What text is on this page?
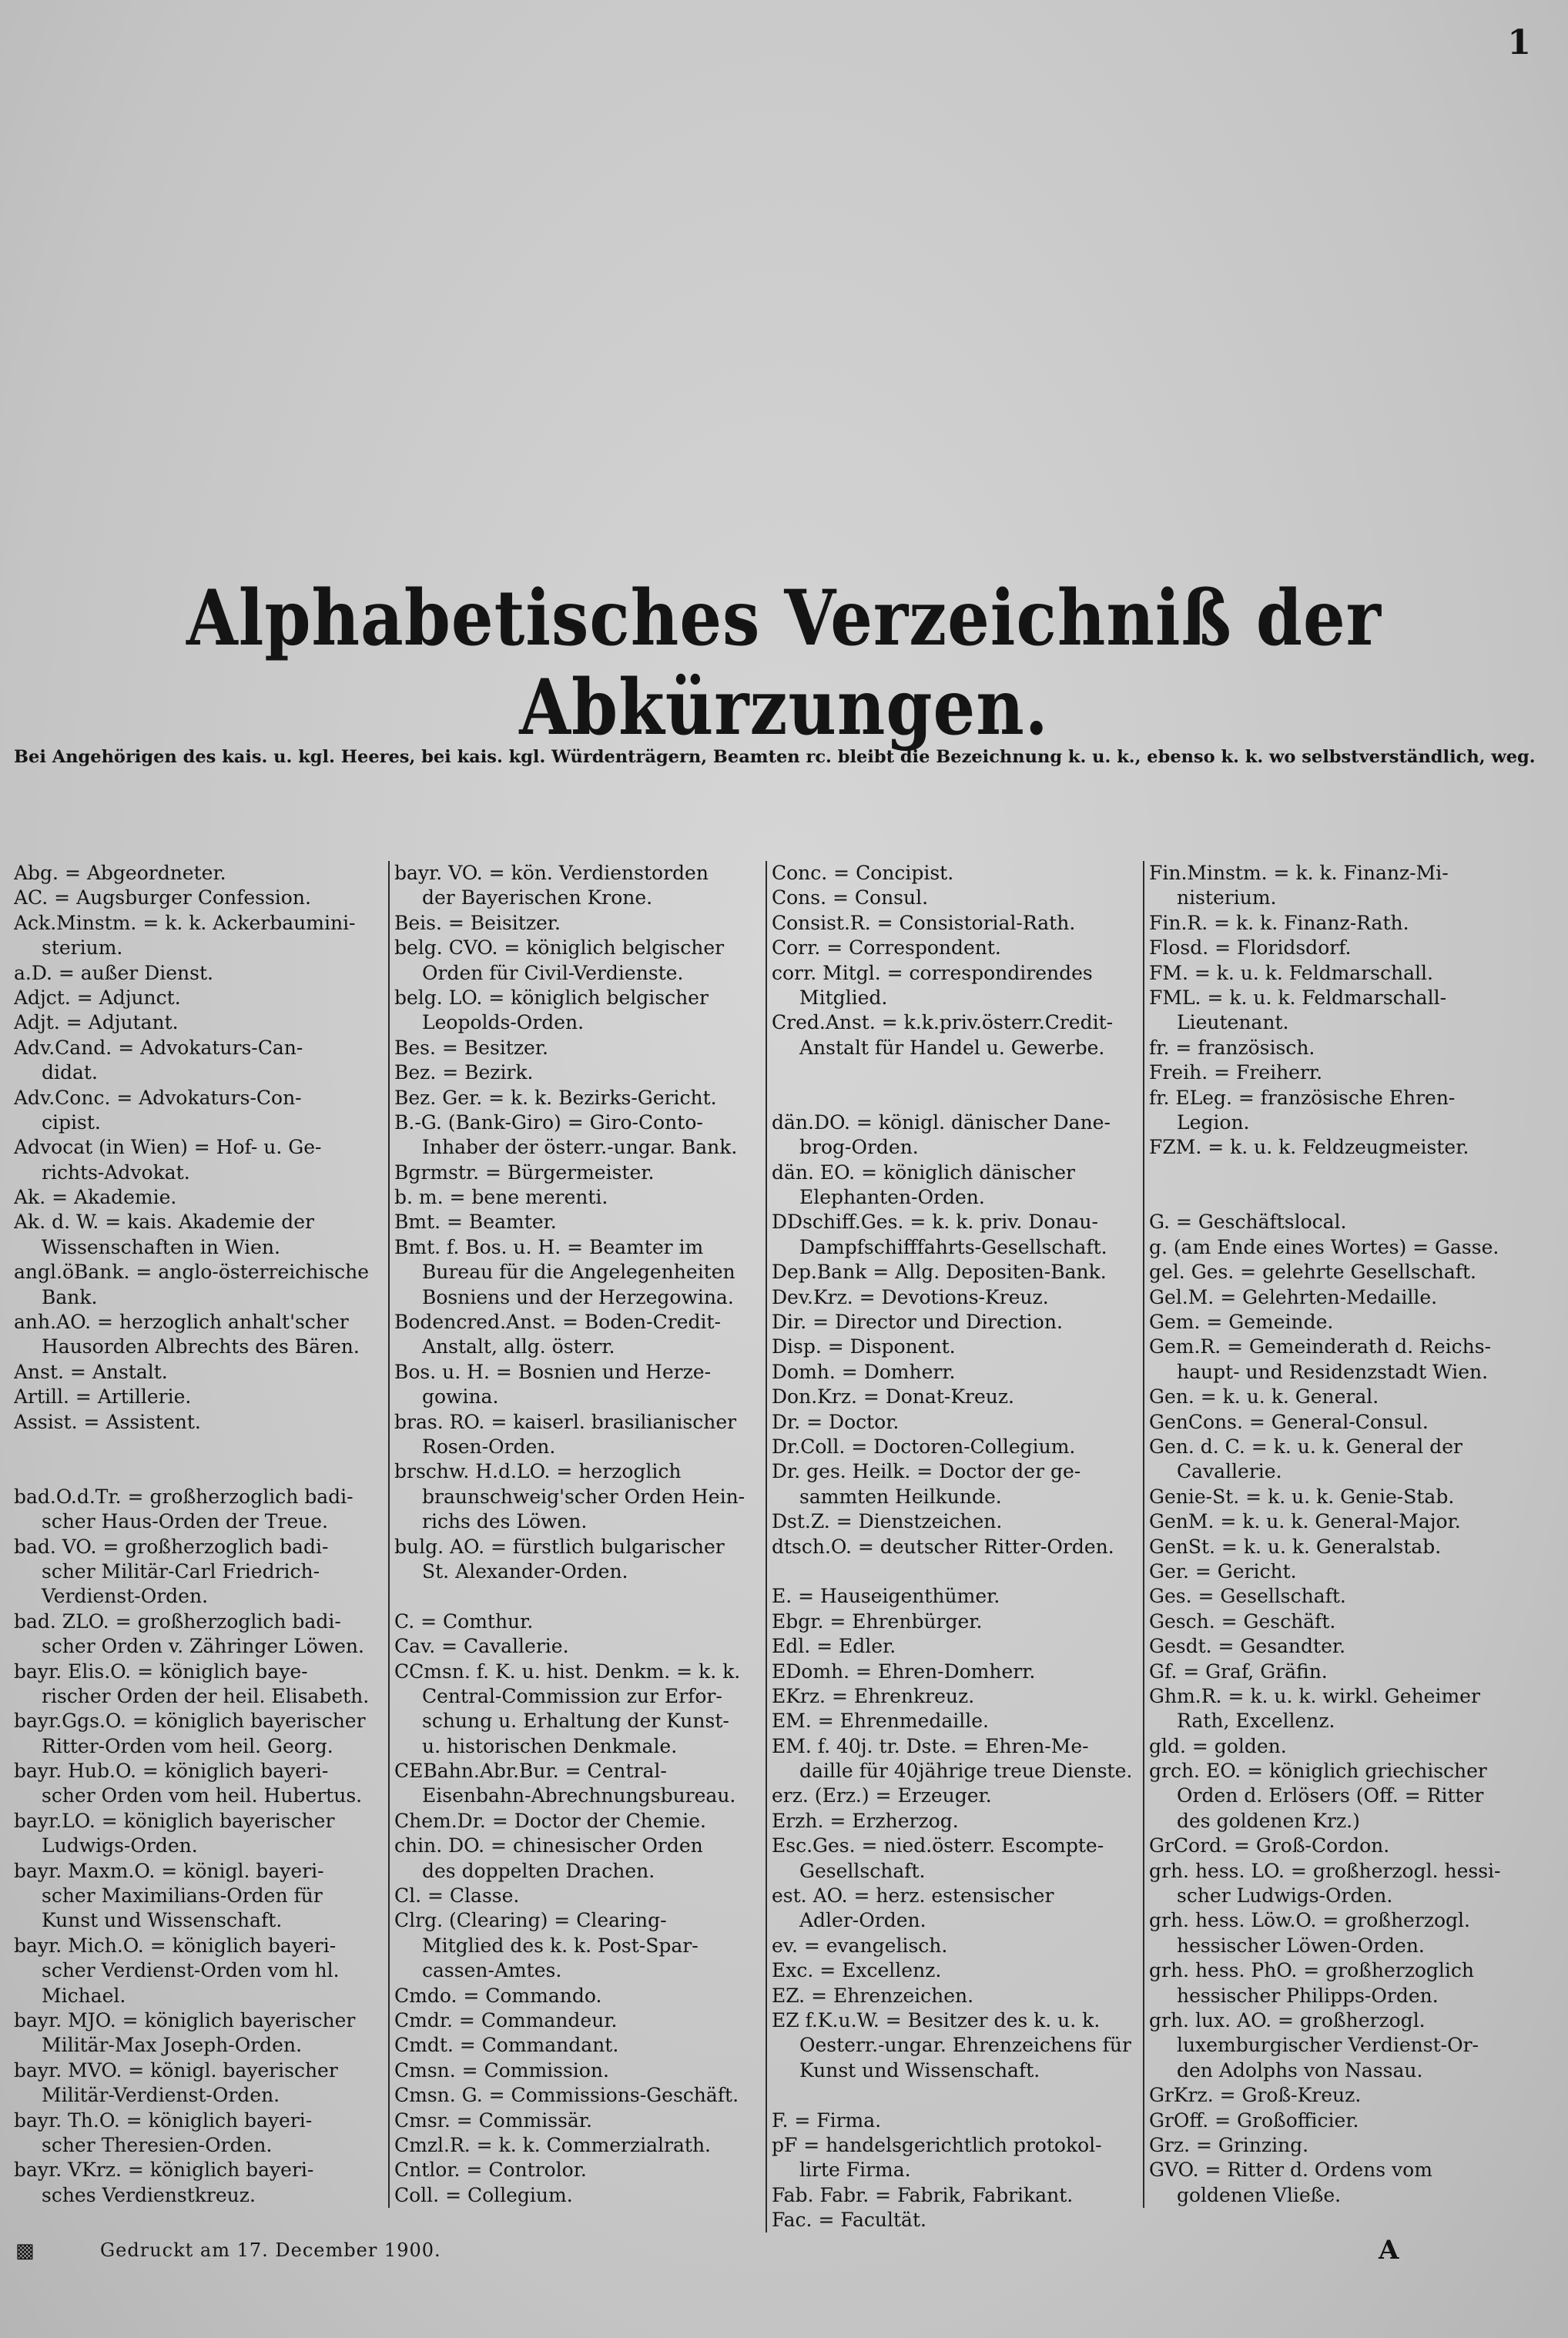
1
Alphabetisches Verzeichniß der Abkürzungen.
Bei Angehörigen des kais. u. kgl. Heeres, bei kais. kgl. Würdenträgern, Beamten rc. bleibt die Bezeichnung k. u. k., ebenso k. k. wo selbstverständlich, weg.
Abg. = Abgeordneter.
AC. = Augsburger Confession.
Ack.Minstm. = k. k. Ackerbaumini-
sterium.
a.D. = außer Dienst.
Adjct. = Adjunct.
Adjt. = Adjutant.
Adv.Cand. = Advokaturs-Can-
didat.
Adv.Conc. = Advokaturs-Con-
cipist.
Advocat (in Wien) = Hof- u. Ge-
richts-Advokat.
Ak. = Akademie.
Ak. d. W. = kais. Akademie der
Wissenschaften in Wien.
angl.öBank. = anglo-österreichische
Bank.
anh.AO. = herzoglich anhalt'scher
Hausorden Albrechts des Bären.
Anst. = Anstalt.
Artill. = Artillerie.
Assist. = Assistent.
bad.O.d.Tr. = großherzoglich badi-
scher Haus-Orden der Treue.
bad. VO. = großherzoglich badi-
scher Militär-Carl Friedrich-
Verdienst-Orden.
bad. ZLO. = großherzoglich badi-
scher Orden v. Zähringer Löwen.
bayr. Elis.O. = königlich baye-
rischer Orden der heil. Elisabeth.
bayr.Ggs.O. = königlich bayerischer
Ritter-Orden vom heil. Georg.
bayr. Hub.O. = königlich bayeri-
scher Orden vom heil. Hubertus.
bayr.LO. = königlich bayerischer
Ludwigs-Orden.
bayr. Maxm.O. = königl. bayeri-
scher Maximilians-Orden für
Kunst und Wissenschaft.
bayr. Mich.O. = königlich bayeri-
scher Verdienst-Orden vom hl.
Michael.
bayr. MJO. = königlich bayerischer
Militär-Max Joseph-Orden.
bayr. MVO. = königl. bayerischer
Militär-Verdienst-Orden.
bayr. Th.O. = königlich bayeri-
scher Theresien-Orden.
bayr. VKrz. = königlich bayeri-
sches Verdienstkreuz.
bayr. VO. = kön. Verdienstorden
der Bayerischen Krone.
Beis. = Beisitzer.
belg. CVO. = königlich belgischer
Orden für Civil-Verdienste.
belg. LO. = königlich belgischer
Leopolds-Orden.
Bes. = Besitzer.
Bez. = Bezirk.
Bez. Ger. = k. k. Bezirks-Gericht.
B.-G. (Bank-Giro) = Giro-Conto-
Inhaber der österr.-ungar. Bank.
Bgrmstr. = Bürgermeister.
b. m. = bene merenti.
Bmt. = Beamter.
Bmt. f. Bos. u. H. = Beamter im
Bureau für die Angelegenheiten
Bosniens und der Herzegowina.
Bodencred.Anst. = Boden-Credit-
Anstalt, allg. österr.
Bos. u. H. = Bosnien und Herze-
gowina.
bras. RO. = kaiserl. brasilianischer
Rosen-Orden.
brschw. H.d.LO. = herzoglich
braunschweig'scher Orden Hein-
richs des Löwen.
bulg. AO. = fürstlich bulgarischer
St. Alexander-Orden.
C. = Comthur.
Cav. = Cavallerie.
CCmsn. f. K. u. hist. Denkm. = k. k.
Central-Commission zur Erfor-
schung u. Erhaltung der Kunst-
u. historischen Denkmale.
CEBahn.Abr.Bur. = Central-
Eisenbahn-Abrechnungsbureau.
Chem.Dr. = Doctor der Chemie.
chin. DO. = chinesischer Orden
des doppelten Drachen.
Cl. = Classe.
Clrg. (Clearing) = Clearing-
Mitglied des k. k. Post-Spar-
cassen-Amtes.
Cmdo. = Commando.
Cmdr. = Commandeur.
Cmdt. = Commandant.
Cmsn. = Commission.
Cmsn. G. = Commissions-Geschäft.
Cmsr. = Commissär.
Cmzl.R. = k. k. Commerzialrath.
Cntlor. = Controlor.
Coll. = Collegium.
Conc. = Concipist.
Cons. = Consul.
Consist.R. = Consistorial-Rath.
Corr. = Correspondent.
corr. Mitgl. = correspondirendes
Mitglied.
Cred.Anst. = k.k.priv.österr.Credit-
Anstalt für Handel u. Gewerbe.
dän.DO. = königl. dänischer Dane-
brog-Orden.
dän. EO. = königlich dänischer
Elephanten-Orden.
DDschiff.Ges. = k. k. priv. Donau-
Dampfschifffahrts-Gesellschaft.
Dep.Bank = Allg. Depositen-Bank.
Dev.Krz. = Devotions-Kreuz.
Dir. = Director und Direction.
Disp. = Disponent.
Domh. = Domherr.
Don.Krz. = Donat-Kreuz.
Dr. = Doctor.
Dr.Coll. = Doctoren-Collegium.
Dr. ges. Heilk. = Doctor der ge-
sammten Heilkunde.
Dst.Z. = Dienstzeichen.
dtsch.O. = deutscher Ritter-Orden.
E. = Hauseigenthümer.
Ebgr. = Ehrenbürger.
Edl. = Edler.
EDomh. = Ehren-Domherr.
EKrz. = Ehrenkreuz.
EM. = Ehrenmedaille.
EM. f. 40j. tr. Dste. = Ehren-Me-
daille für 40jährige treue Dienste.
erz. (Erz.) = Erzeuger.
Erzh. = Erzherzog.
Esc.Ges. = nied.österr. Escompte-
Gesellschaft.
est. AO. = herz. estensischer
Adler-Orden.
ev. = evangelisch.
Exc. = Excellenz.
EZ. = Ehrenzeichen.
EZ f.K.u.W. = Besitzer des k. u. k.
Oesterr.-ungar. Ehrenzeichens für
Kunst und Wissenschaft.
F. = Firma.
pF = handelsgerichtlich protokol-
lirte Firma.
Fab. Fabr. = Fabrik, Fabrikant.
Fac. = Facultät.
Fin.Minstm. = k. k. Finanz-Mi-
nisterium.
Fin.R. = k. k. Finanz-Rath.
Flosd. = Floridsdorf.
FM. = k. u. k. Feldmarschall.
FML. = k. u. k. Feldmarschall-
Lieutenant.
fr. = französisch.
Freih. = Freiherr.
fr. ELeg. = französische Ehren-
Legion.
FZM. = k. u. k. Feldzeugmeister.
G. = Geschäftslocal.
g. (am Ende eines Wortes) = Gasse.
gel. Ges. = gelehrte Gesellschaft.
Gel.M. = Gelehrten-Medaille.
Gem. = Gemeinde.
Gem.R. = Gemeinderath d. Reichs-
haupt- und Residenzstadt Wien.
Gen. = k. u. k. General.
GenCons. = General-Consul.
Gen. d. C. = k. u. k. General der
Cavallerie.
Genie-St. = k. u. k. Genie-Stab.
GenM. = k. u. k. General-Major.
GenSt. = k. u. k. Generalstab.
Ger. = Gericht.
Ges. = Gesellschaft.
Gesch. = Geschäft.
Gesdt. = Gesandter.
Gf. = Graf, Gräfin.
Ghm.R. = k. u. k. wirkl. Geheimer
Rath, Excellenz.
gld. = golden.
grch. EO. = königlich griechischer
Orden d. Erlösers (Off. = Ritter
des goldenen Krz.)
GrCord. = Groß-Cordon.
grh. hess. LO. = großherzogl. hessi-
scher Ludwigs-Orden.
grh. hess. Löw.O. = großherzogl.
hessischer Löwen-Orden.
grh. hess. PhO. = großherzoglich
hessischer Philipps-Orden.
grh. lux. AO. = großherzogl.
luxemburgischer Verdienst-Or-
den Adolphs von Nassau.
GrKrz. = Groß-Kreuz.
GrOff. = Großofficier.
Grz. = Grinzing.
GVO. = Ritter d. Ordens vom
goldenen Vließe.
▩	Gedruckt am 17. December 1900.	A
